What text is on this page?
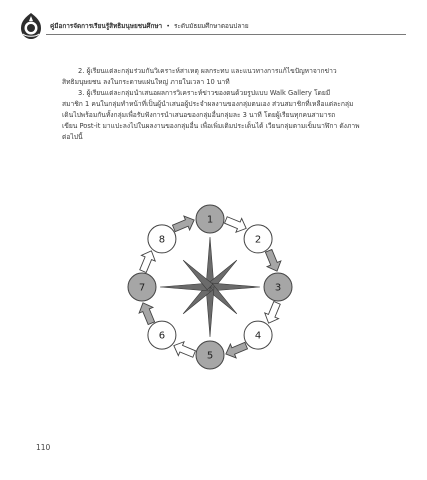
คู่มือการจัดการเรียนรู้สิทธิมนุษยชนศึกษา • ระดับมัธยมศึกษาตอนปลาย

2. ผู้เรียนแต่ละกลุ่มร่วมกันวิเคราะห์สาเหตุ ผลกระทบ และแนวทางการแก้ไขปัญหาจากข่าว

สิทธิมนุษยชน ลงในกระดาษแผ่นใหญ่ ภายในเวลา 10 นาที

3. ผู้เรียนแต่ละกลุ่มนำเสนอผลการวิเคราะห์ข่าวของตนด้วยรูปแบบ Walk Gallery โดยมี

สมาชิก 1 คนในกลุ่มทำหน้าที่เป็นผู้นำเสนอผู้ประจำผลงานของกลุ่มตนเอง ส่วนสมาชิกที่เหลือแต่ละกลุ่ม

เดินไปพร้อมกันทั้งกลุ่มเพื่อรับฟังการนำเสนอของกลุ่มอื่นกลุ่มละ 3 นาที โดยผู้เรียนทุกคนสามารถ

เขียน Post-it มาแปะลงไปในผลงานของกลุ่มอื่น เพื่อเพิ่มเติมประเด็นได้ เวียนกลุ่มตามเข็มนาฬิกา ดังภาพ

ต่อไปนี้

1
2
3
4
5
6
7
8
110
